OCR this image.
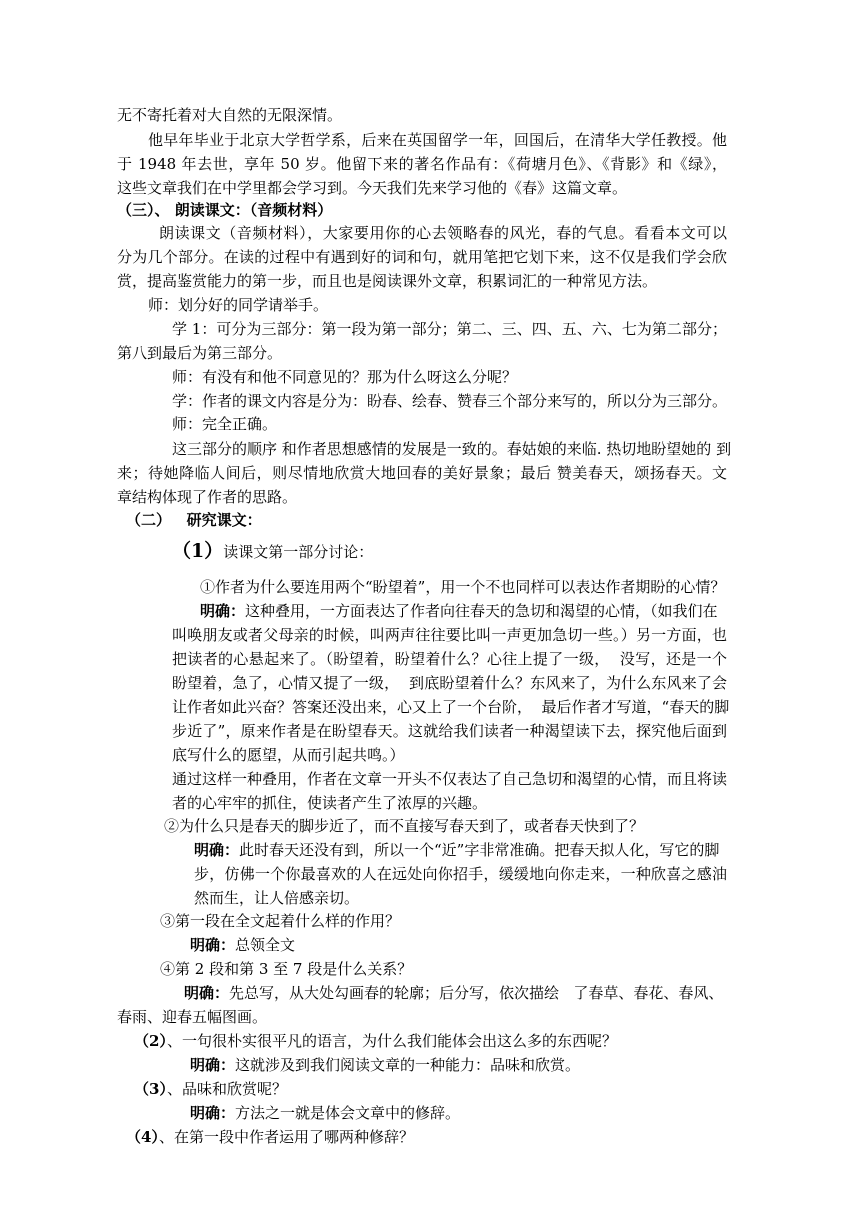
无不寄托着对大自然的无限深情。

他早年毕业于北京大学哲学系，后来在英国留学一年，回国后，在清华大学任教授。他

于 1948 年去世，享年 50 岁。他留下来的著名作品有：《荷塘月色》、《背影》和《绿》，

这些文章我们在中学里都会学习到。今天我们先来学习他的《春》这篇文章。

（三）、 朗读课文：（音频材料）

朗读课文（音频材料），大家要用你的心去领略春的风光，春的气息。看看本文可以

分为几个部分。在读的过程中有遇到好的词和句，就用笔把它划下来，这不仅是我们学会欣

赏，提高鉴赏能力的第一步，而且也是阅读课外文章，积累词汇的一种常见方法。

师：划分好的同学请举手。

学 1：可分为三部分：第一段为第一部分；第二、三、四、五、六、七为第二部分；

第八到最后为第三部分。

师：有没有和他不同意见的？那为什么呀这么分呢？

学：作者的课文内容是分为：盼春、绘春、赞春三个部分来写的，所以分为三部分。

师：完全正确。

这三部分的顺序 和作者思想感情的发展是一致的。春姑娘的来临. 热切地盼望她的 到

来；待她降临人间后，则尽情地欣赏大地回春的美好景象；最后 赞美春天，颂扬春天。文

章结构体现了作者的思路。

（二）   研究课文：

（1）读课文第一部分讨论：

①作者为什么要连用两个“盼望着”，用一个不也同样可以表达作者期盼的心情？

明确：这种叠用，一方面表达了作者向往春天的急切和渴望的心情，（如我们在

叫唤朋友或者父母亲的时候，叫两声往往要比叫一声更加急切一些。）另一方面，也

把读者的心悬起来了。（盼望着，盼望着什么？心往上提了一级，  没写，还是一个

盼望着，急了，心情又提了一级，  到底盼望着什么？东风来了，为什么东风来了会

让作者如此兴奋？答案还没出来，心又上了一个台阶，  最后作者才写道，“春天的脚

步近了”，原来作者是在盼望春天。这就给我们读者一种渴望读下去，探究他后面到

底写什么的愿望，从而引起共鸣。）

通过这样一种叠用，作者在文章一开头不仅表达了自己急切和渴望的心情，而且将读

者的心牢牢的抓住，使读者产生了浓厚的兴趣。

②为什么只是春天的脚步近了，而不直接写春天到了，或者春天快到了？

明确：此时春天还没有到，所以一个“近”字非常准确。把春天拟人化，写它的脚

步，仿佛一个你最喜欢的人在远处向你招手，缓缓地向你走来，一种欣喜之感油

然而生，让人倍感亲切。

③第一段在全文起着什么样的作用？

明确：总领全文

④第 2 段和第 3 至 7 段是什么关系？

明确：先总写，从大处勾画春的轮廓；后分写，依次描绘   了春草、春花、春风、

春雨、迎春五幅图画。

（2）、一句很朴实很平凡的语言，为什么我们能体会出这么多的东西呢？

明确：这就涉及到我们阅读文章的一种能力：品味和欣赏。

（3）、品味和欣赏呢？

明确：方法之一就是体会文章中的修辞。

（4）、在第一段中作者运用了哪两种修辞？
